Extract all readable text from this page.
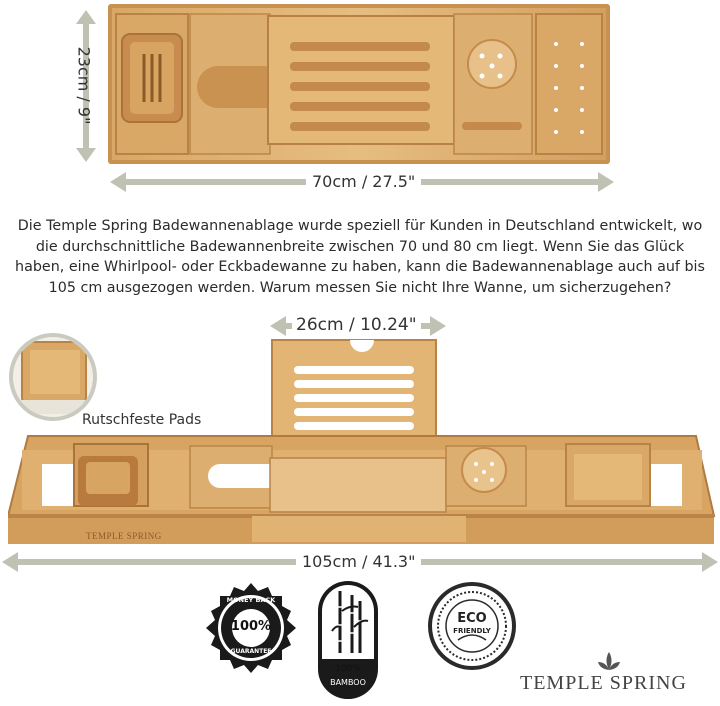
23cm / 9"
70cm / 27.5"
Die Temple Spring Badewannenablage wurde speziell für Kunden in Deutschland entwickelt, wo die durchschnittliche Badewannenbreite zwischen 70 und 80 cm liegt. Wenn Sie das Glück haben, eine Whirlpool- oder Eckbadewanne zu haben, kann die Badewannenablage auch auf bis 105 cm ausgezogen werden. Warum messen Sie nicht Ihre Wanne, um sicherzugehen?
26cm / 10.24"
Rutschfeste Pads
TEMPLE SPRING
105cm / 41.3"
★ ★ ★
MONEY BACK
100%
GUARANTEE
100%
BAMBOO
ECO
FRIENDLY
TEMPLE SPRING
